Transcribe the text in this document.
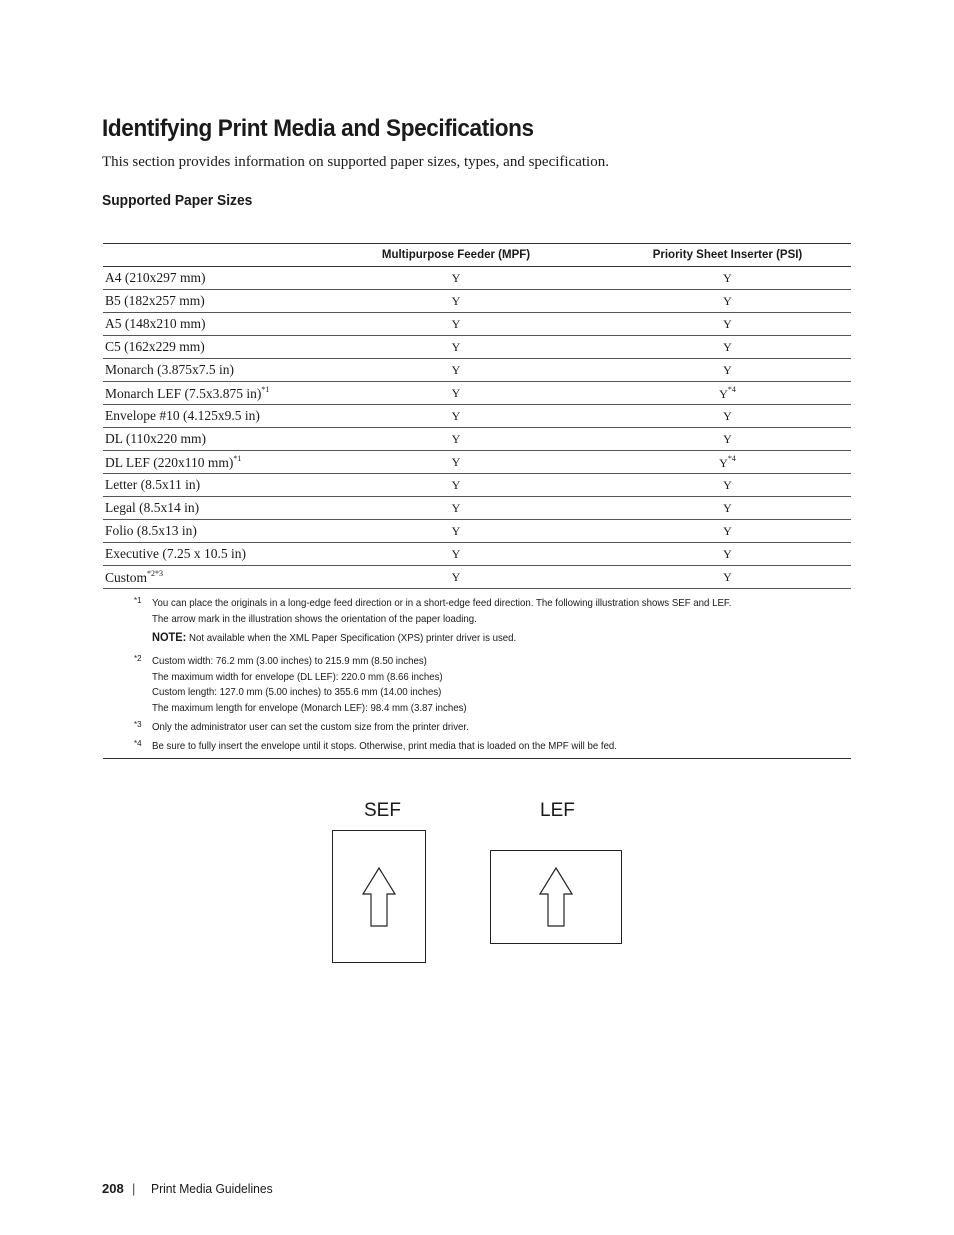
Identifying Print Media and Specifications
This section provides information on supported paper sizes, types, and specification.
Supported Paper Sizes
	Multipurpose Feeder (MPF)	Priority Sheet Inserter (PSI)
A4 (210x297 mm)	Y	Y
B5 (182x257 mm)	Y	Y
A5 (148x210 mm)	Y	Y
C5 (162x229 mm)	Y	Y
Monarch (3.875x7.5 in)	Y	Y
Monarch LEF (7.5x3.875 in)$^{*1}$	Y	$Y^{*4}$
Envelope #10 (4.125x9.5 in)	Y	Y
DL (110x220 mm)	Y	Y
DL LEF (220x110 mm)$^{*1}$	Y	$Y^{*4}$
Letter (8.5x11 in)	Y	Y
Legal (8.5x14 in)	Y	Y
Folio (8.5x13 in)	Y	Y
Executive (7.25 x 10.5 in)	Y	Y
Custom$^{*2*3}$	Y	Y
*1 You can place the originals in a long-edge feed direction or in a short-edge feed direction. The following illustration shows SEF and LEF.
The arrow mark in the illustration shows the orientation of the paper loading.
NOTE: Not available when the XML Paper Specification (XPS) printer driver is used.
*2 Custom width: 76.2 mm (3.00 inches) to 215.9 mm (8.50 inches)
The maximum width for envelope (DL LEF): 220.0 mm (8.66 inches)
Custom length: 127.0 mm (5.00 inches) to 355.6 mm (14.00 inches)
The maximum length for envelope (Monarch LEF): 98.4 mm (3.87 inches)
*3 Only the administrator user can set the custom size from the printer driver.
*4 Be sure to fully insert the envelope until it stops. Otherwise, print media that is loaded on the MPF will be fed.
SEF	LEF
208 | Print Media Guidelines
